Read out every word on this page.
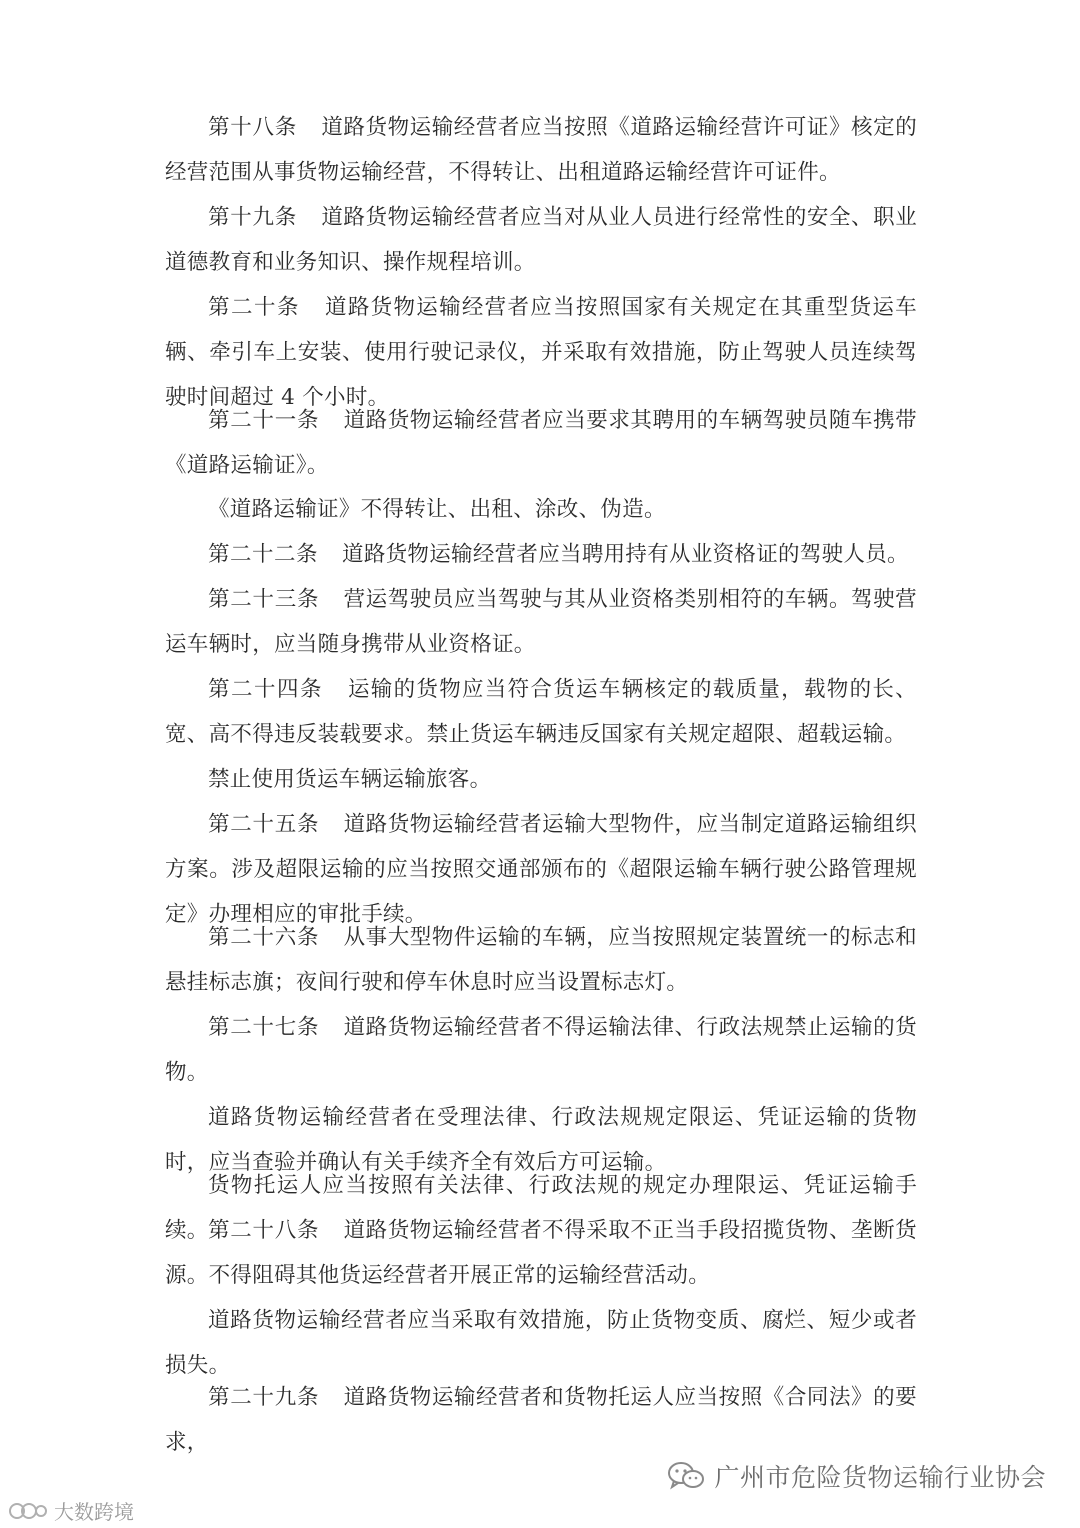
第十八条 道路货物运输经营者应当按照《道路运输经营许可证》核定的经营范围从事货物运输经营，不得转让、出租道路运输经营许可证件。

第十九条 道路货物运输经营者应当对从业人员进行经常性的安全、职业道德教育和业务知识、操作规程培训。

第二十条 道路货物运输经营者应当按照国家有关规定在其重型货运车辆、牵引车上安装、使用行驶记录仪，并采取有效措施，防止驾驶人员连续驾驶时间超过 4 个小时。

第二十一条 道路货物运输经营者应当要求其聘用的车辆驾驶员随车携带《道路运输证》。

《道路运输证》不得转让、出租、涂改、伪造。

第二十二条 道路货物运输经营者应当聘用持有从业资格证的驾驶人员。

第二十三条 营运驾驶员应当驾驶与其从业资格类别相符的车辆。驾驶营运车辆时，应当随身携带从业资格证。

第二十四条 运输的货物应当符合货运车辆核定的载质量，载物的长、宽、高不得违反装载要求。禁止货运车辆违反国家有关规定超限、超载运输。

禁止使用货运车辆运输旅客。

第二十五条 道路货物运输经营者运输大型物件，应当制定道路运输组织方案。涉及超限运输的应当按照交通部颁布的《超限运输车辆行驶公路管理规定》办理相应的审批手续。

第二十六条 从事大型物件运输的车辆，应当按照规定装置统一的标志和悬挂标志旗；夜间行驶和停车休息时应当设置标志灯。

第二十七条 道路货物运输经营者不得运输法律、行政法规禁止运输的货物。

道路货物运输经营者在受理法律、行政法规规定限运、凭证运输的货物时，应当查验并确认有关手续齐全有效后方可运输。

货物托运人应当按照有关法律、行政法规的规定办理限运、凭证运输手续。 第二十八条 道路货物运输经营者不得采取不正当手段招揽货物、垄断货源。不得阻碍其他货运经营者开展正常的运输经营活动。

道路货物运输经营者应当采取有效措施，防止货物变质、腐烂、短少或者损失。

第二十九条 道路货物运输经营者和货物托运人应当按照《合同法》的要求，

广州市危险货物运输行业协会
大数跨境
